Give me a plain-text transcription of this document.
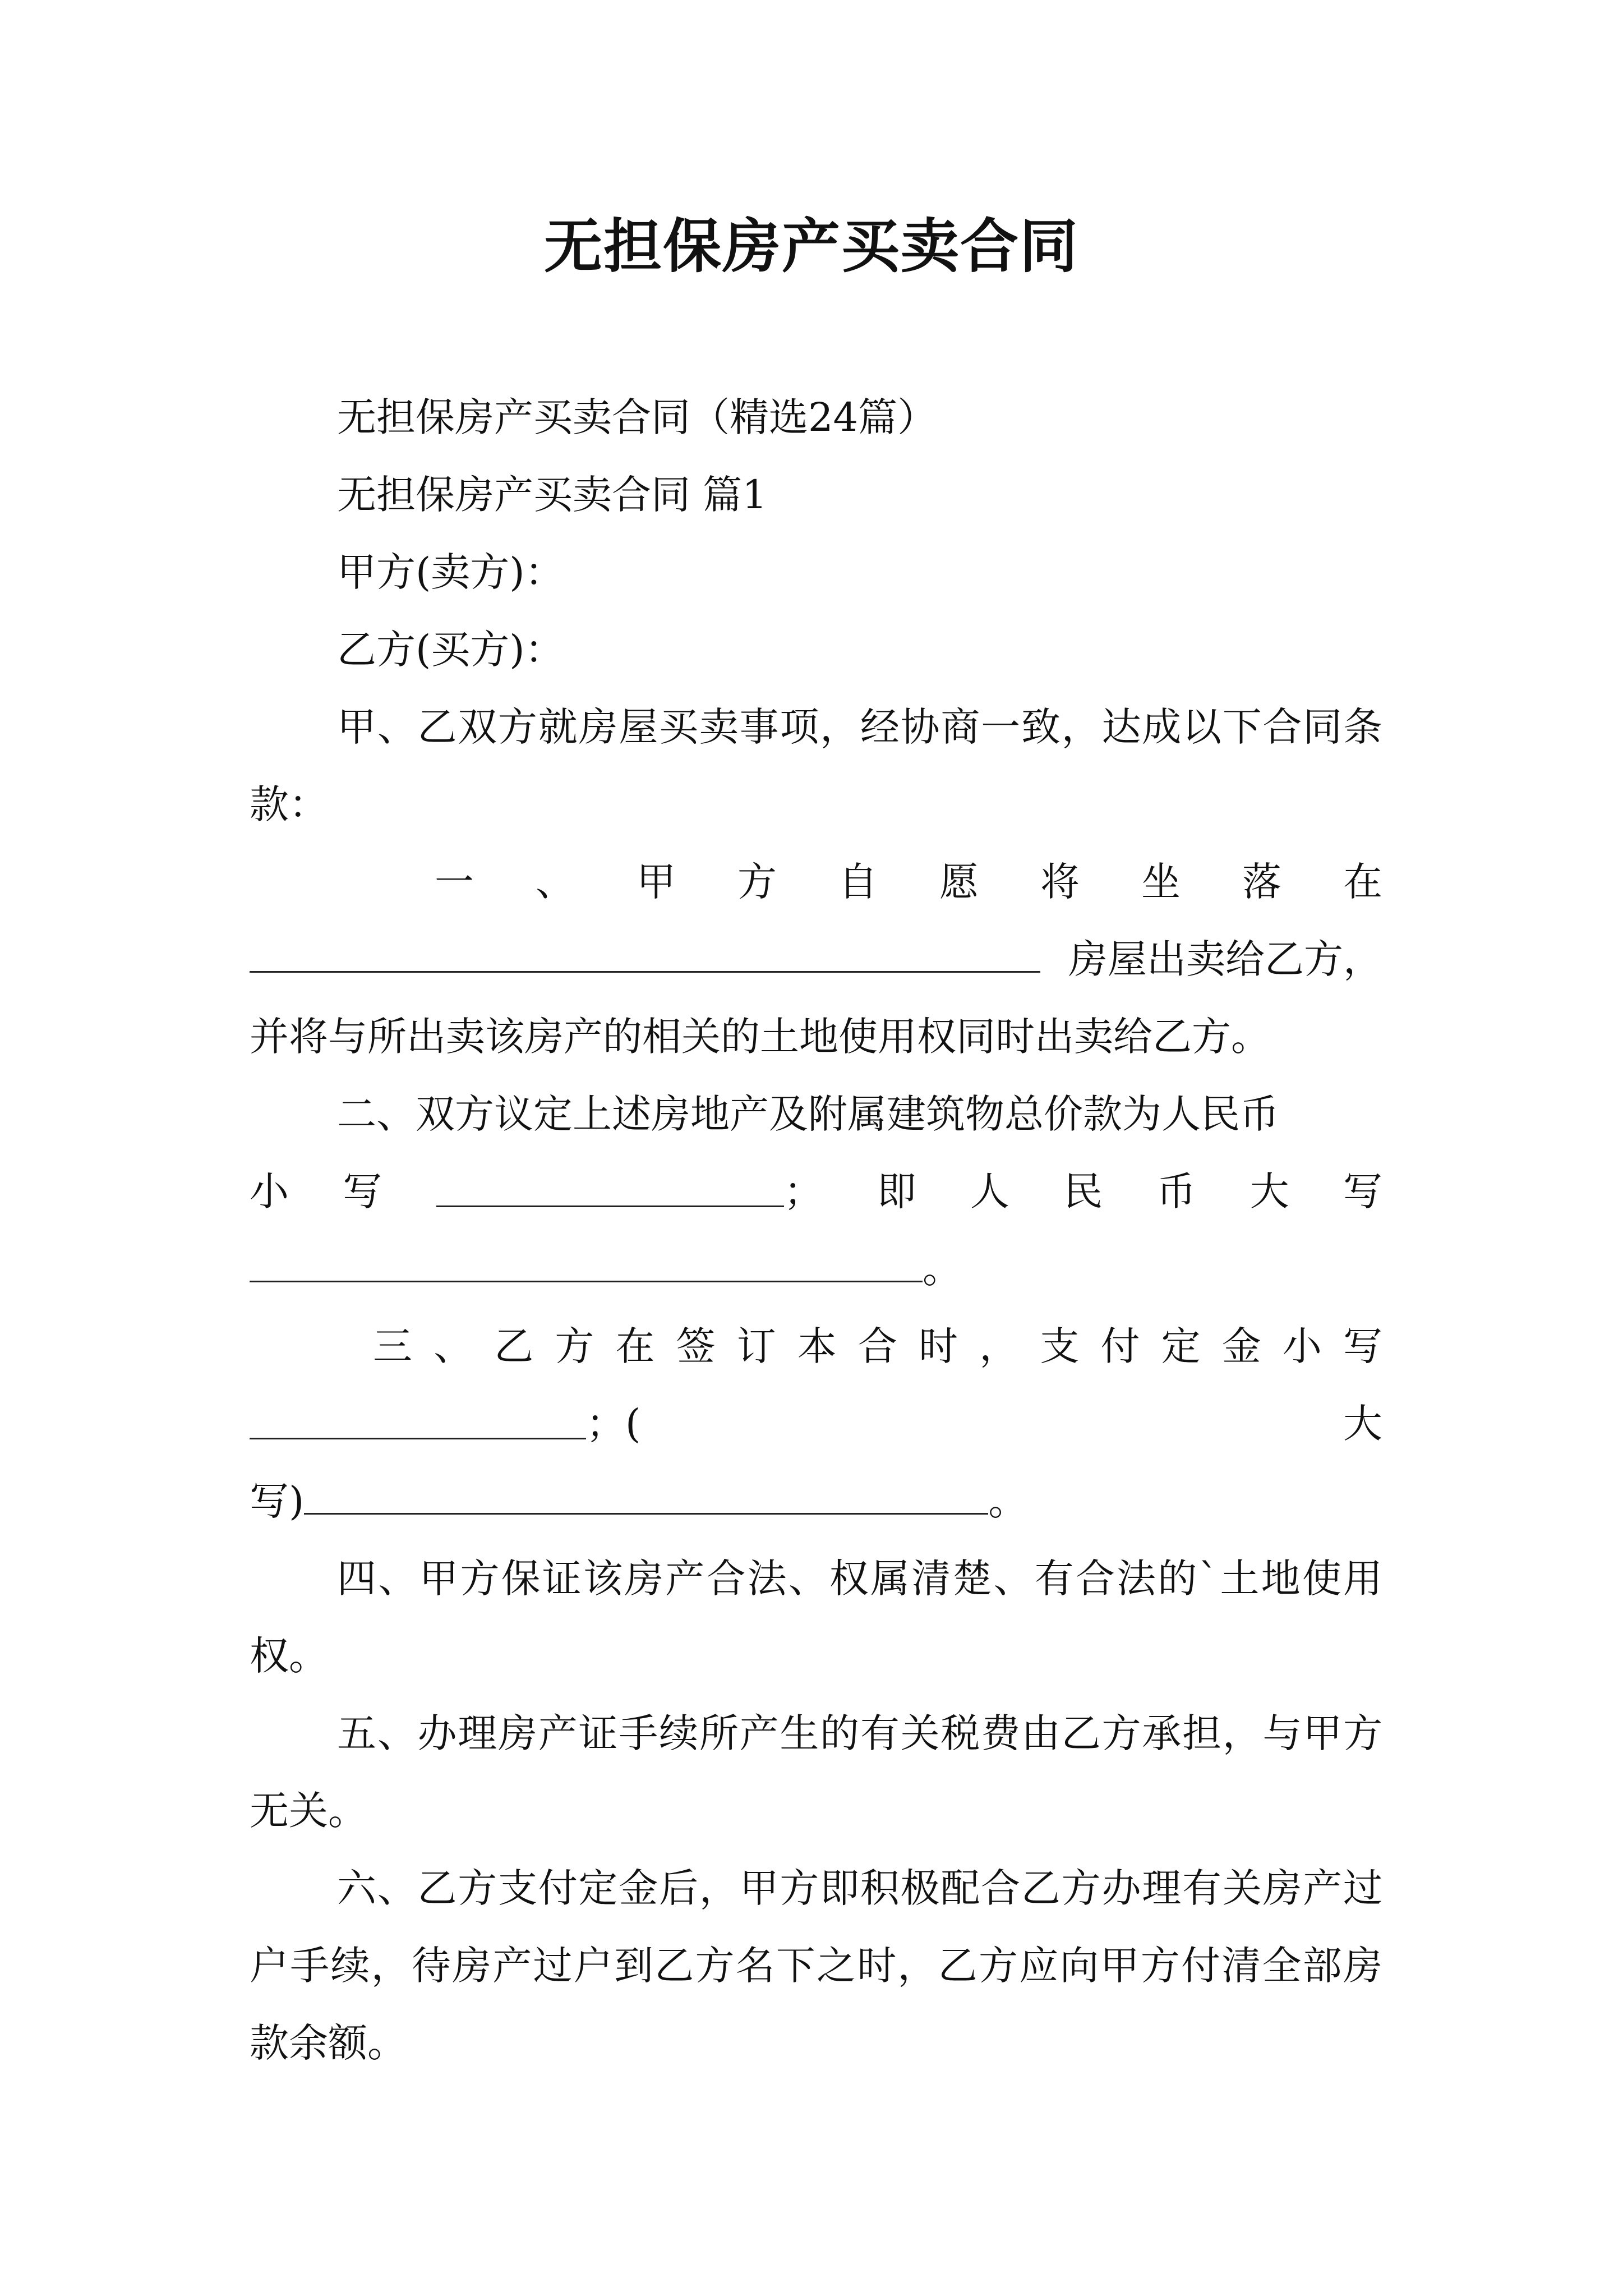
无担保房产买卖合同

无担保房产买卖合同（精选24篇）

无担保房产买卖合同 篇1

甲方(卖方)：

乙方(买方)：

甲、乙双方就房屋买卖事项，经协商一致，达成以下合同条款：

一 、 甲 方 自 愿 将 坐 落 在
房屋出卖给乙方，
并将与所出卖该房产的相关的土地使用权同时出卖给乙方。

二、双方议定上述房地产及附属建筑物总价款为人民币

小 写	； 即 人 民 币 大 写
。
三 、 乙 方 在 签 订 本 合 时 ， 支 付 定 金 小 写
；(	大
写)	。

四、甲方保证该房产合法、权属清楚、有合法的`土地使用权。

五、办理房产证手续所产生的有关税费由乙方承担，与甲方无关。

六、乙方支付定金后，甲方即积极配合乙方办理有关房产过户手续，待房产过户到乙方名下之时，乙方应向甲方付清全部房款余额。
